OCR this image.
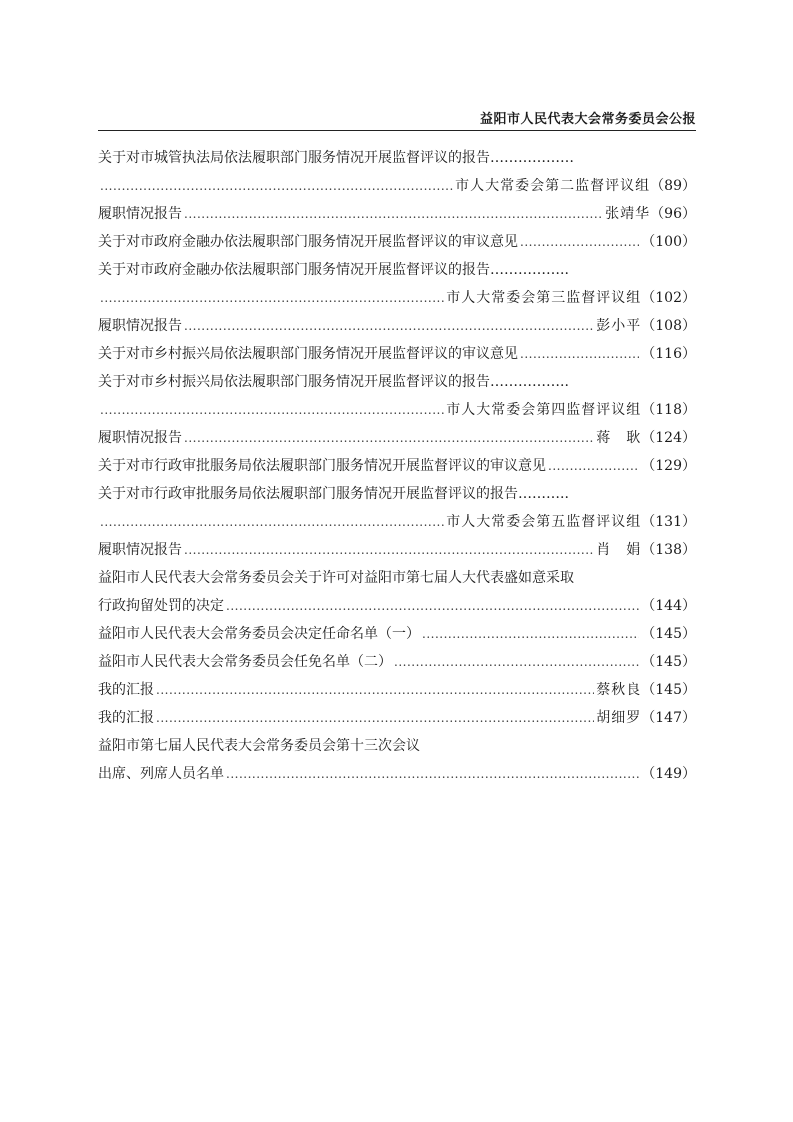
益阳市人民代表大会常务委员会公报
关于对市城管执法局依法履职部门服务情况开展监督评议的报告………………
.....
市人大常委会第二监督评议组 （89）
履职情况报告 .....	张靖华 （96）
关于对市政府金融办依法履职部门服务情况开展监督评议的审议意见 .....	（100）
关于对市政府金融办依法履职部门服务情况开展监督评议的报告……………..
.....
市人大常委会第三监督评议组 （102）
履职情况报告 .....	彭小平 （108）
关于对市乡村振兴局依法履职部门服务情况开展监督评议的审议意见 .....	（116）
关于对市乡村振兴局依法履职部门服务情况开展监督评议的报告……………..
.....
市人大常委会第四监督评议组 （118）
履职情况报告 .....	蒋　耿 （124）
关于对市行政审批服务局依法履职部门服务情况开展监督评议的审议意见 .....	（129）
关于对市行政审批服务局依法履职部门服务情况开展监督评议的报告………..
.....
市人大常委会第五监督评议组 （131）
履职情况报告 .....	肖　娟 （138）
益阳市人民代表大会常务委员会关于许可对益阳市第七届人大代表盛如意采取
行政拘留处罚的决定 .....	（144）
益阳市人民代表大会常务委员会决定任命名单（一） .....	（145）
益阳市人民代表大会常务委员会任免名单（二） .....	（145）
我的汇报 .....	蔡秋良 （145）
我的汇报 .....	胡细罗 （147）
益阳市第七届人民代表大会常务委员会第十三次会议
出席、列席人员名单 .....	（149）
